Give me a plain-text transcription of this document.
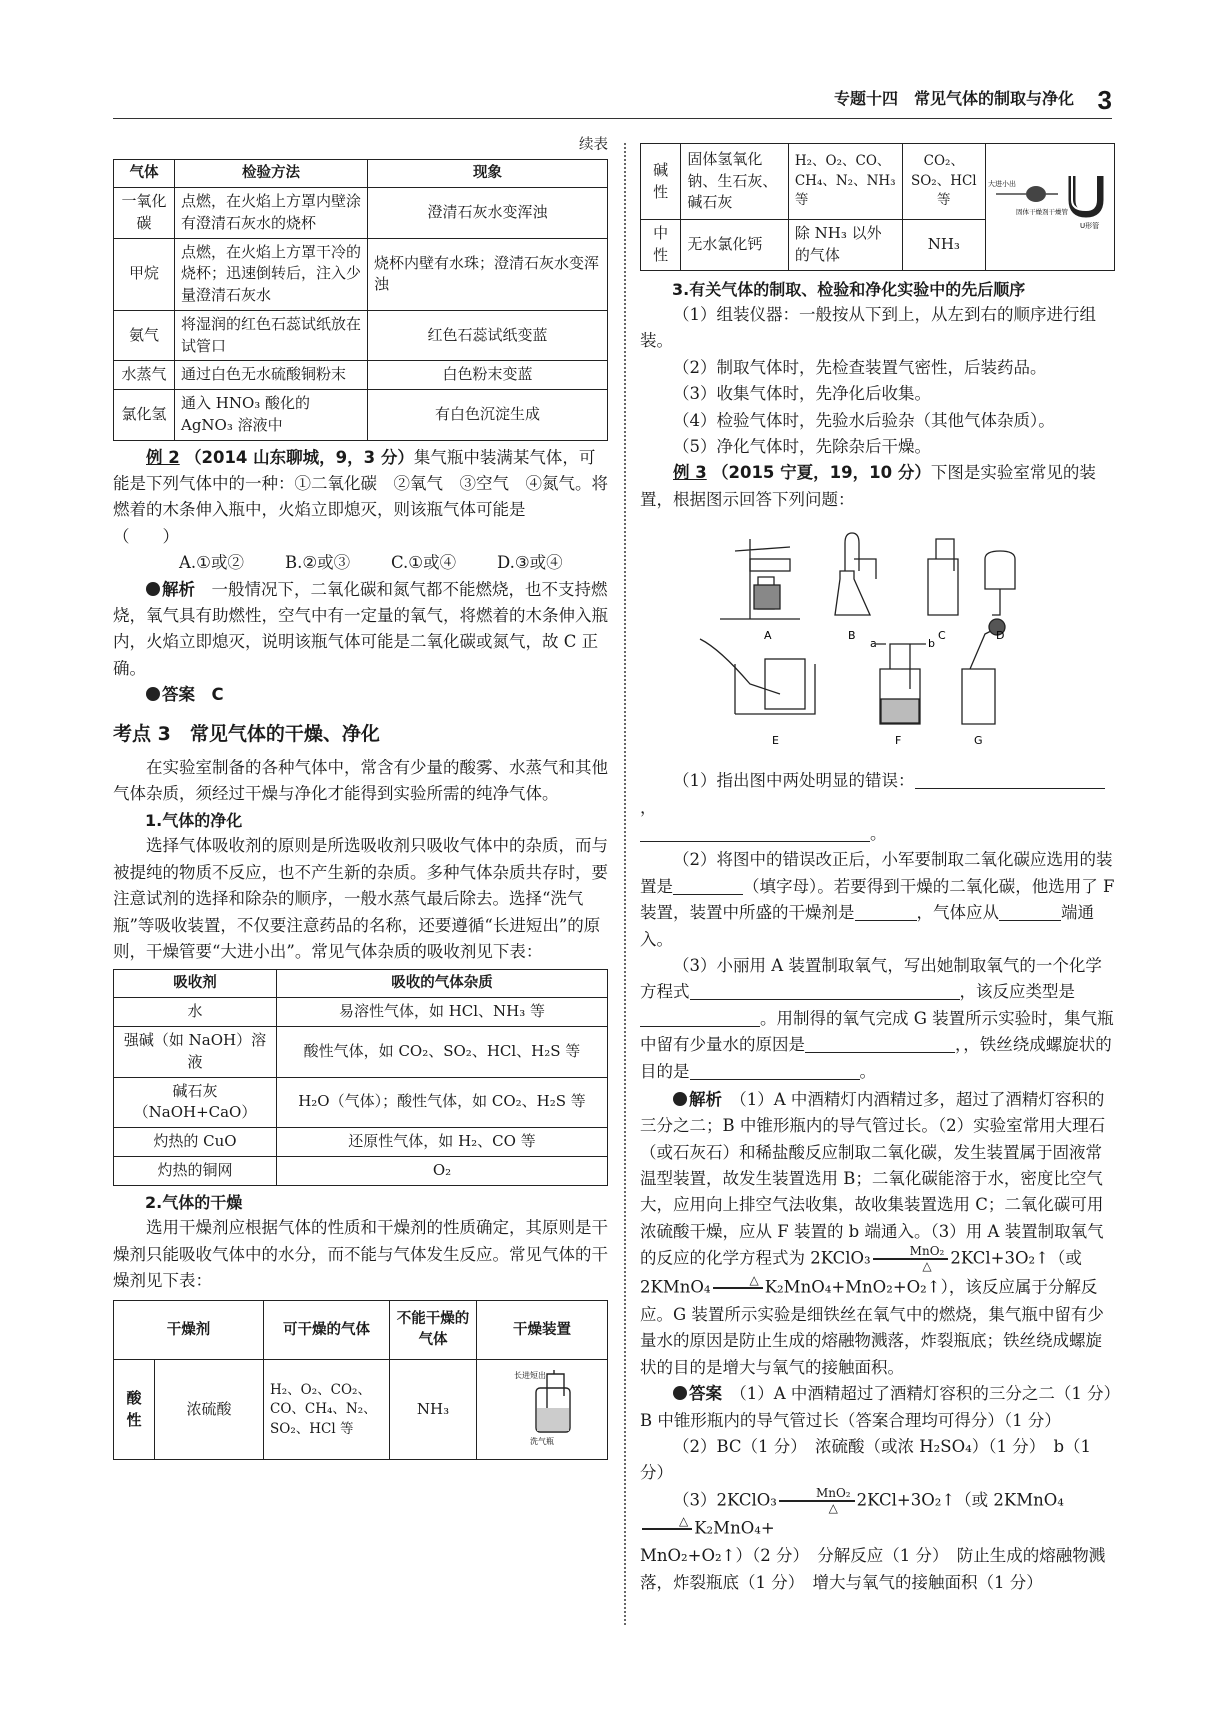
专题十四　常见气体的制取与净化 3
续表
气体	检验方法	现象
一氧化碳	点燃，在火焰上方罩内壁涂有澄清石灰水的烧杯	澄清石灰水变浑浊
甲烷	点燃，在火焰上方罩干冷的烧杯；迅速倒转后，注入少量澄清石灰水	烧杯内壁有水珠；澄清石灰水变浑浊
氨气	将湿润的红色石蕊试纸放在试管口	红色石蕊试纸变蓝
水蒸气	通过白色无水硫酸铜粉末	白色粉末变蓝
氯化氢	通入 HNO₃ 酸化的 AgNO₃ 溶液中	有白色沉淀生成

例 2 （2014 山东聊城，9，3 分）集气瓶中装满某气体，可能是下列气体中的一种：①二氧化碳　②氧气　③空气　④氮气。将燃着的木条伸入瓶中，火焰立即熄灭，则该瓶气体可能是　　　（　　）

A.①或② B.②或③ C.①或④ D.③或④

解析　 一般情况下，二氧化碳和氮气都不能燃烧，也不支持燃烧，氧气具有助燃性，空气中有一定量的氧气，将燃着的木条伸入瓶内，火焰立即熄灭，说明该瓶气体可能是二氧化碳或氮气，故 C 正确。

答案　 C

考点 3　常见气体的干燥、净化

在实验室制备的各种气体中，常含有少量的酸雾、水蒸气和其他气体杂质，须经过干燥与净化才能得到实验所需的纯净气体。

1.气体的净化

选择气体吸收剂的原则是所选吸收剂只吸收气体中的杂质，而与被提纯的物质不反应，也不产生新的杂质。多种气体杂质共存时，要注意试剂的选择和除杂的顺序，一般水蒸气最后除去。选择“洗气瓶”等吸收装置，不仅要注意药品的名称，还要遵循“长进短出”的原则，干燥管要“大进小出”。常见气体杂质的吸收剂见下表：

吸收剂	吸收的气体杂质
水	易溶性气体，如 HCl、NH₃ 等
强碱（如 NaOH）溶液	酸性气体，如 CO₂、SO₂、HCl、H₂S 等
碱石灰（NaOH+CaO）	H₂O（气体）；酸性气体，如 CO₂、H₂S 等
灼热的 CuO	还原性气体，如 H₂、CO 等
灼热的铜网	O₂

2.气体的干燥

选用干燥剂应根据气体的性质和干燥剂的性质确定，其原则是干燥剂只能吸收气体中的水分，而不能与气体发生反应。常见气体的干燥剂见下表：

干燥剂		可干燥的气体	不能干燥的气体	干燥装置
酸性	浓硫酸	H₂、O₂、CO₂、CO、CH₄、N₂、SO₂、HCl 等	NH₃	长进短出
洗气瓶
碱性	固体氢氧化钠、生石灰、碱石灰	H₂、O₂、CO、CH₄、N₂、NH₃ 等	CO₂、SO₂、HCl 等	大进小出
固体干燥剂干燥管
U形管

中性	无水氯化钙	除 NH₃ 以外的气体	NH₃	

3.有关气体的制取、检验和净化实验中的先后顺序

（1）组装仪器：一般按从下到上，从左到右的顺序进行组装。

（2）制取气体时，先检查装置气密性，后装药品。

（3）收集气体时，先净化后收集。

（4）检验气体时，先验水后验杂（其他气体杂质）。

（5）净化气体时，先除杂后干燥。

例 3 （2015 宁夏，19，10 分）下图是实验室常见的装置，根据图示回答下列问题：

A	B	C	D
E	F	G
a	b

（1）指出图中两处明显的错误：，

。

（2）将图中的错误改正后，小军要制取二氧化碳应选用的装置是	（填字母）。若要得到干燥的二氧化碳，他选用了 F 装置，装置中所盛的干燥剂是	，气体应从	端通入。

（3）小丽用 A 装置制取氧气，写出她制取氧气的一个化学方程式	，该反应类型是。用制得的氧气完成 G 装置所示实验时，集气瓶中留有少量水的原因是	，，铁丝绕成螺旋状的目的是	。

解析　 （1）A 中酒精灯内酒精过多，超过了酒精灯容积的三分之二；B 中锥形瓶内的导气管过长。（2）实验室常用大理石（或石灰石）和稀盐酸反应制取二氧化碳，发生装置属于固液常温型装置，故发生装置选用 B；二氧化碳能溶于水，密度比空气大，应用向上排空气法收集，故收集装置选用 C；二氧化碳可用浓硫酸干燥，应从 F 装置的 b 端通入。（3）用 A 装置制取氧气的反应的化学方程式为 2KClO₃ $\frac{\text{MnO₂}}{\triangle}$ 2KCl+3O₂↑（或 2KMnO₄	△
K₂MnO₄+MnO₂+O₂↑），该反应属于分解反应。G 装置所示实验是细铁丝在氧气中的燃烧，集气瓶中留有少量水的原因是防止生成的熔融物溅落，炸裂瓶底；铁丝绕成螺旋状的目的是增大与氧气的接触面积。

答案　 （1）A 中酒精超过了酒精灯容积的三分之二（1 分）　B 中锥形瓶内的导气管过长（答案合理均可得分）（1 分）

（2）BC（1 分）　浓硫酸（或浓 H₂SO₄）（1 分）　b（1 分）

（3）2KClO₃ $\frac{\text{MnO₂}}{\triangle}$ 2KCl+3O₂↑（或 2KMnO₄
△
K₂MnO₄+

MnO₂+O₂↑）（2 分）　分解反应（1 分）　防止生成的熔融物溅落，炸裂瓶底（1 分）　增大与氧气的接触面积（1 分）
